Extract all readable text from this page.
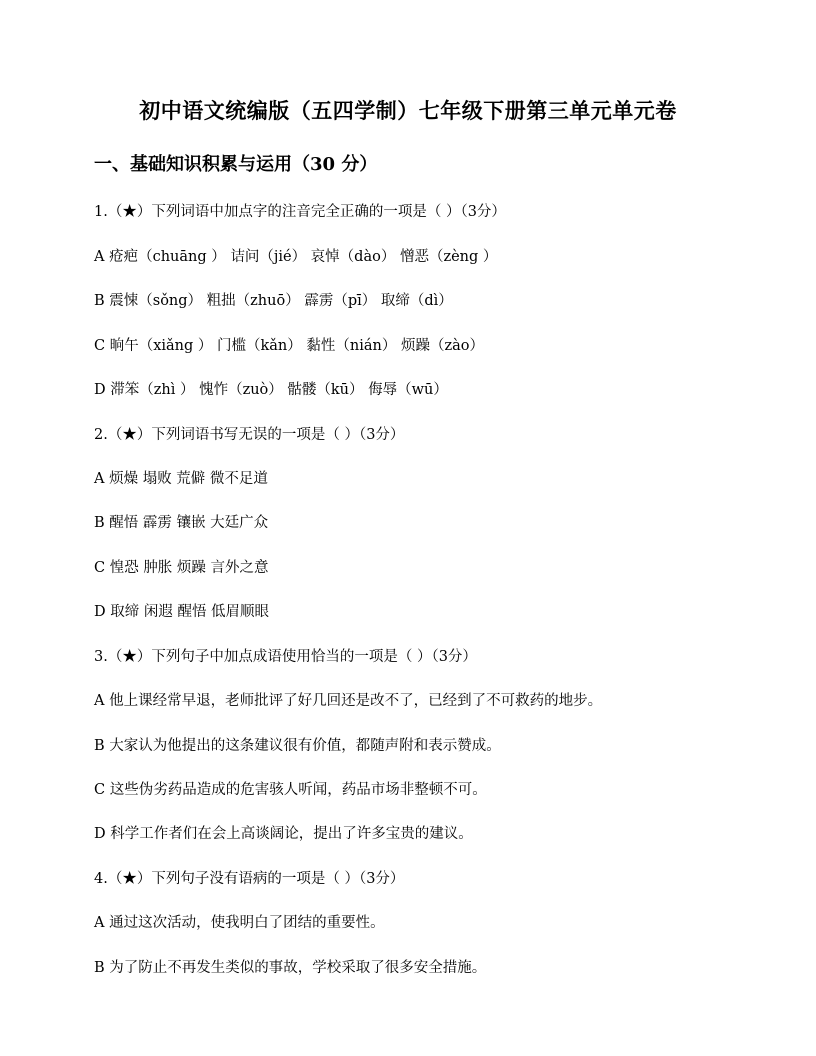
初中语文统编版（五四学制）七年级下册第三单元单元卷
一、基础知识积累与运用（30 分）
1.（★）下列词语中加点字的注音完全正确的一项是（ ）（3分）
A 疮疤（chuāng ） 诘问（jié） 哀悼（dào） 憎恶（zèng ）
B 震悚（sǒng） 粗拙（zhuō） 霹雳（pī） 取缔（dì）
C 晌午（xiǎng ） 门槛（kǎn） 黏性（nián） 烦躁（zào）
D 滞笨（zhì ） 愧怍（zuò） 骷髅（kū） 侮辱（wū）
2.（★）下列词语书写无误的一项是（ ）（3分）
A 烦燥 塌败 荒僻 微不足道
B 醒悟 霹雳 镶嵌 大廷广众
C 惶恐 肿胀 烦躁 言外之意
D 取缔 闲遐 醒悟 低眉顺眼
3.（★）下列句子中加点成语使用恰当的一项是（ ）（3分）
A 他上课经常早退，老师批评了好几回还是改不了，已经到了不可救药的地步。
B 大家认为他提出的这条建议很有价值，都随声附和表示赞成。
C 这些伪劣药品造成的危害骇人听闻，药品市场非整顿不可。
D 科学工作者们在会上高谈阔论，提出了许多宝贵的建议。
4.（★）下列句子没有语病的一项是（ ）（3分）
A 通过这次活动，使我明白了团结的重要性。
B 为了防止不再发生类似的事故，学校采取了很多安全措施。
